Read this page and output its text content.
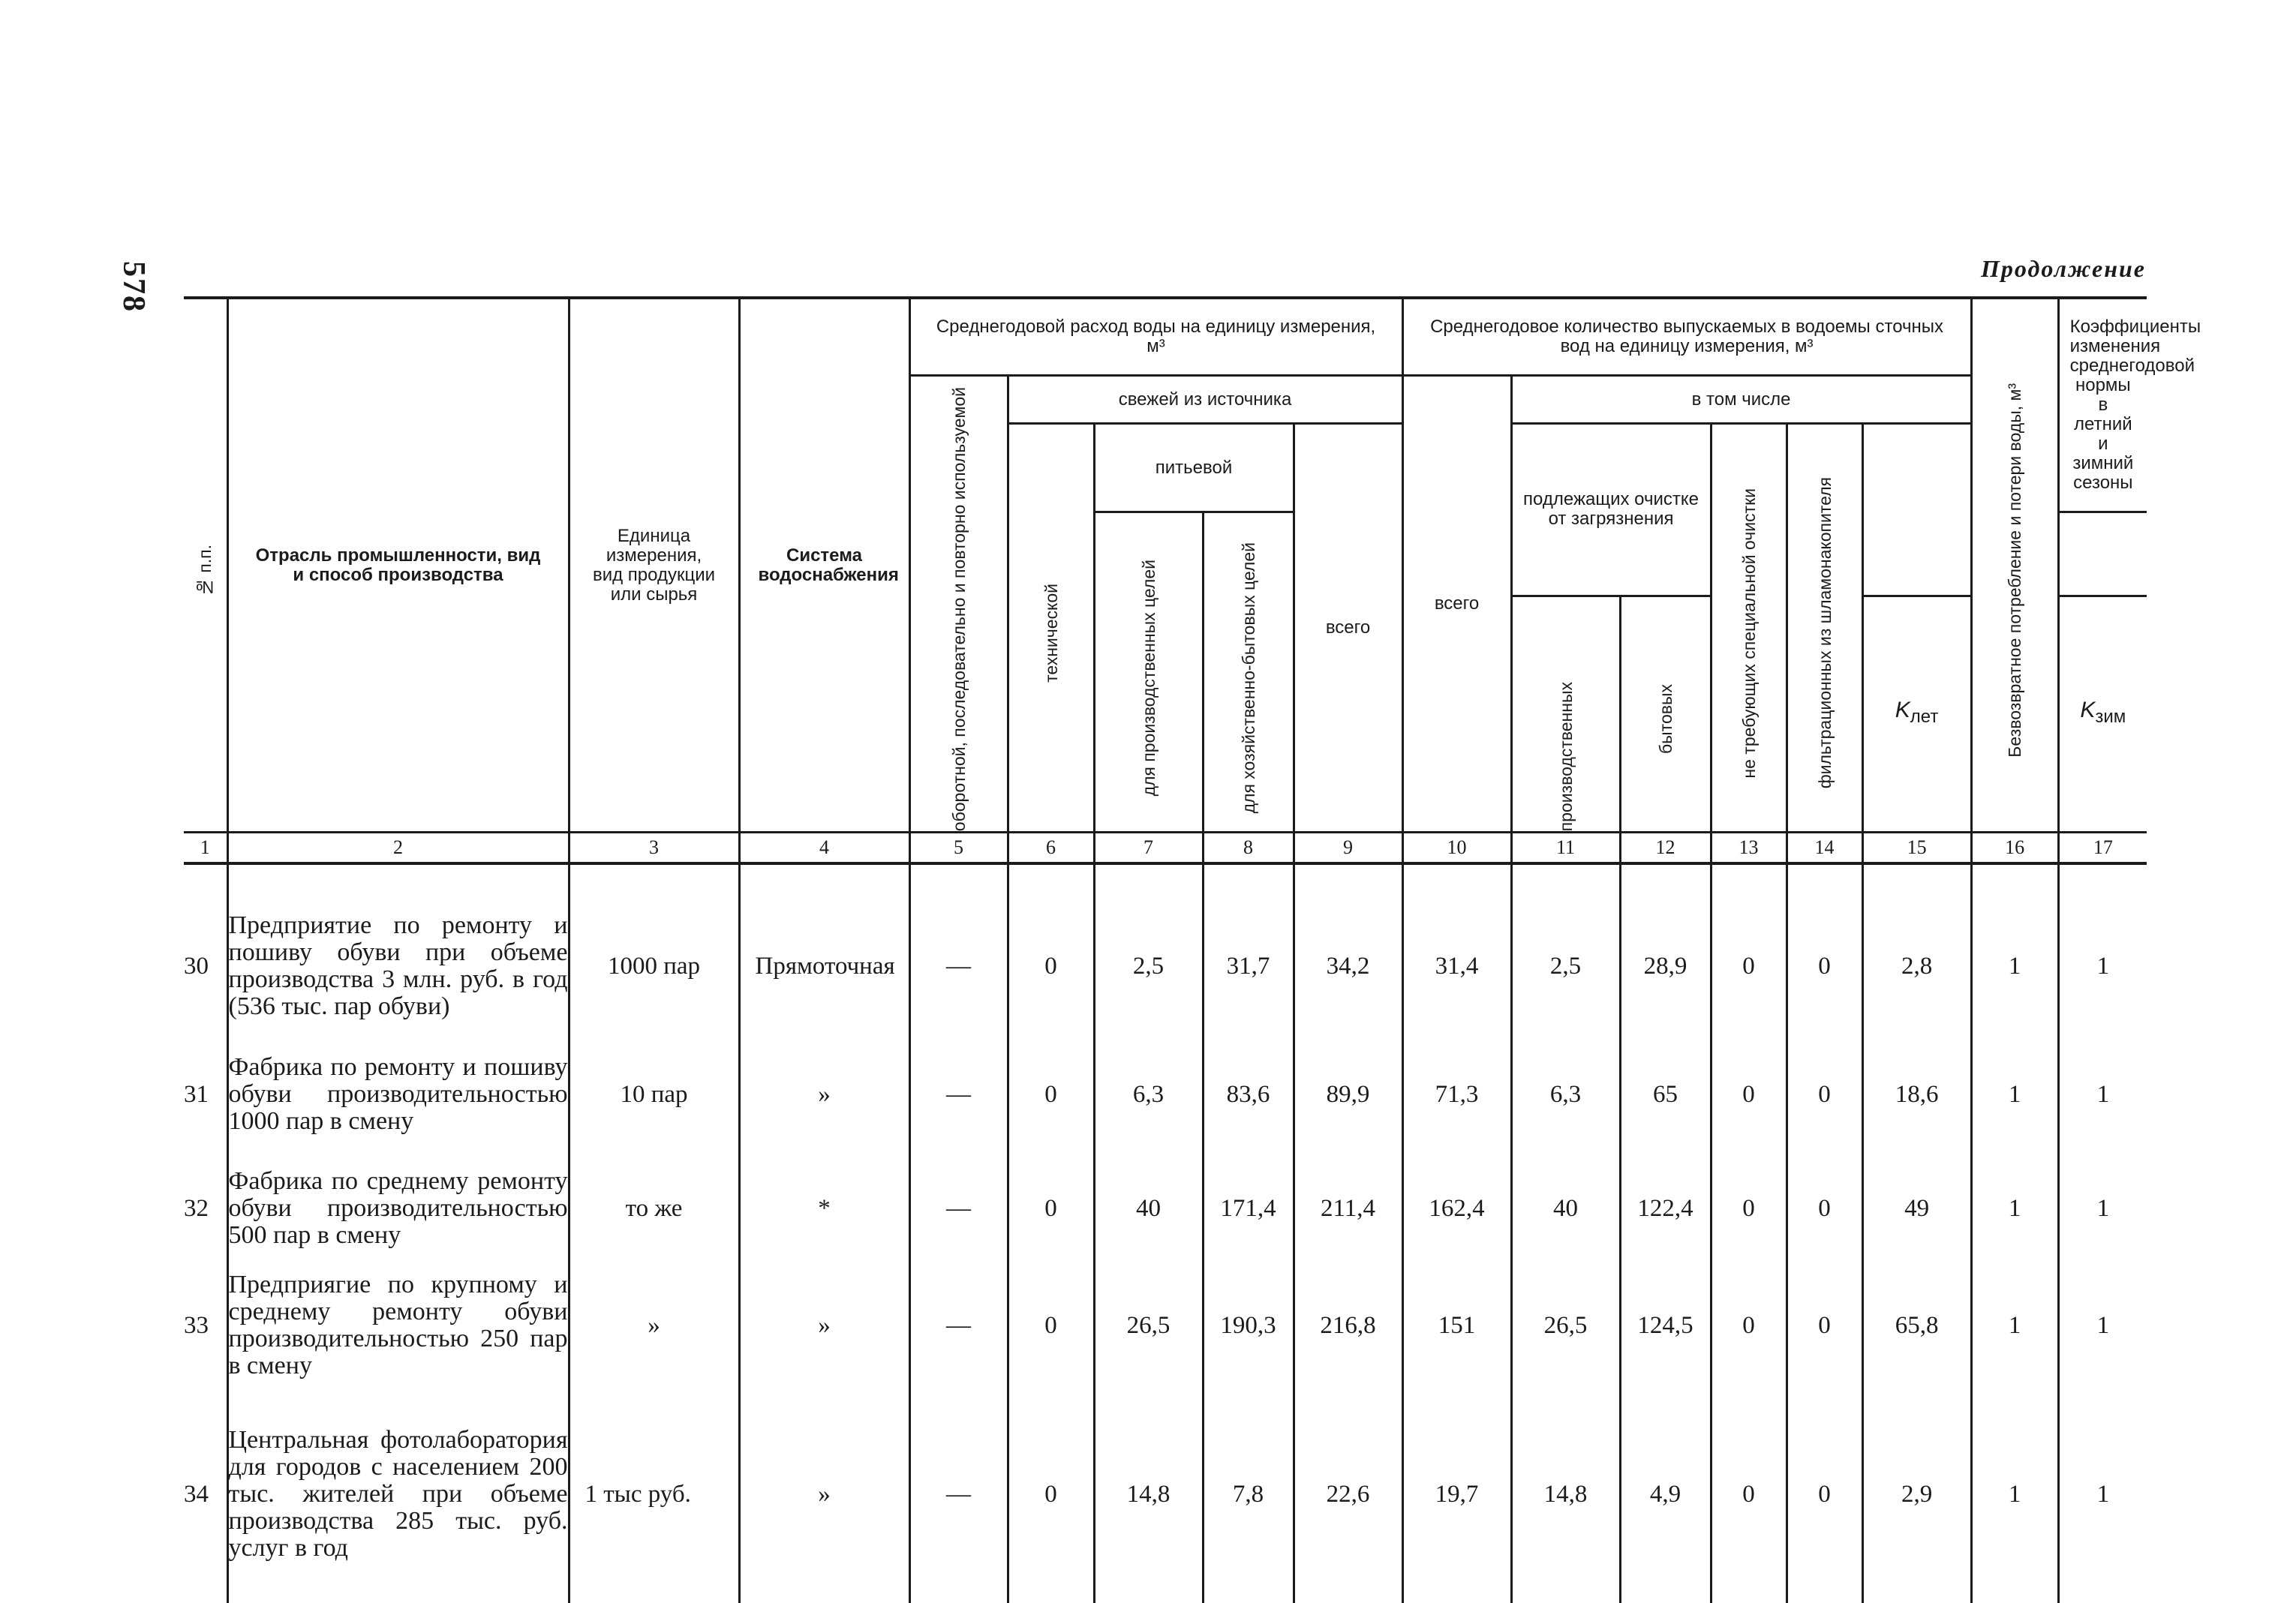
578	Продолжение
№ п.п.	Отрасль промышленности, вид и способ производства	Единица измерения, вид продукции или сырья	Система водоснабжения	Среднегодовой расход воды на единицу измерения, м³					Среднегодовое количество выпускаемых в водоемы сточных вод на единицу измерения, м³						Безвозвратное потребление и потери воды, м³	Коэффициенты изменения среднегодовой нормы в летний и зимний сезоны

				оборотной, последовательно и повторно используемой	свежей из источника				всего	в том числе						

					технической	питьевой		всего		подлежащих очистке от загрязнения		не требующих специальной очистки	фильтрационных из шламонакопителя			

						для производственных целей	для хозяйственно-бытовых целей									

										производственных	бытовых			$K_{лет}$		$K_{зим}$
1	2	3	4	5	6	7	8	9	10	11	12	13	14	15	16	17

30	Предприятие по ремонту и пошиву обуви при объеме производства 3 млн. руб. в год (536 тыс. пар обуви)	1000 пар	Прямоточная	—	0	2,5	31,7	34,2	31,4	2,5	28,9	0	0	2,8	1	1
31	Фабрика по ремонту и пошиву обуви производительностью 1000 пар в смену	10 пар	»	—	0	6,3	83,6	89,9	71,3	6,3	65	0	0	18,6	1	1
32	Фабрика по среднему ремонту обуви производительностью 500 пар в смену	то же	*	—	0	40	171,4	211,4	162,4	40	122,4	0	0	49	1	1
33	Предприягие по крупному и среднему ремонту обуви производительностью 250 пар в смену	»	»	—	0	26,5	190,3	216,8	151	26,5	124,5	0	0	65,8	1	1
34	Центральная фотолаборатория для городов с населением 200 тыс. жителей при объеме производства 285 тыс. руб. услуг в год	1 тыс руб.	»	—	0	14,8	7,8	22,6	19,7	14,8	4,9	0	0	2,9	1	1
